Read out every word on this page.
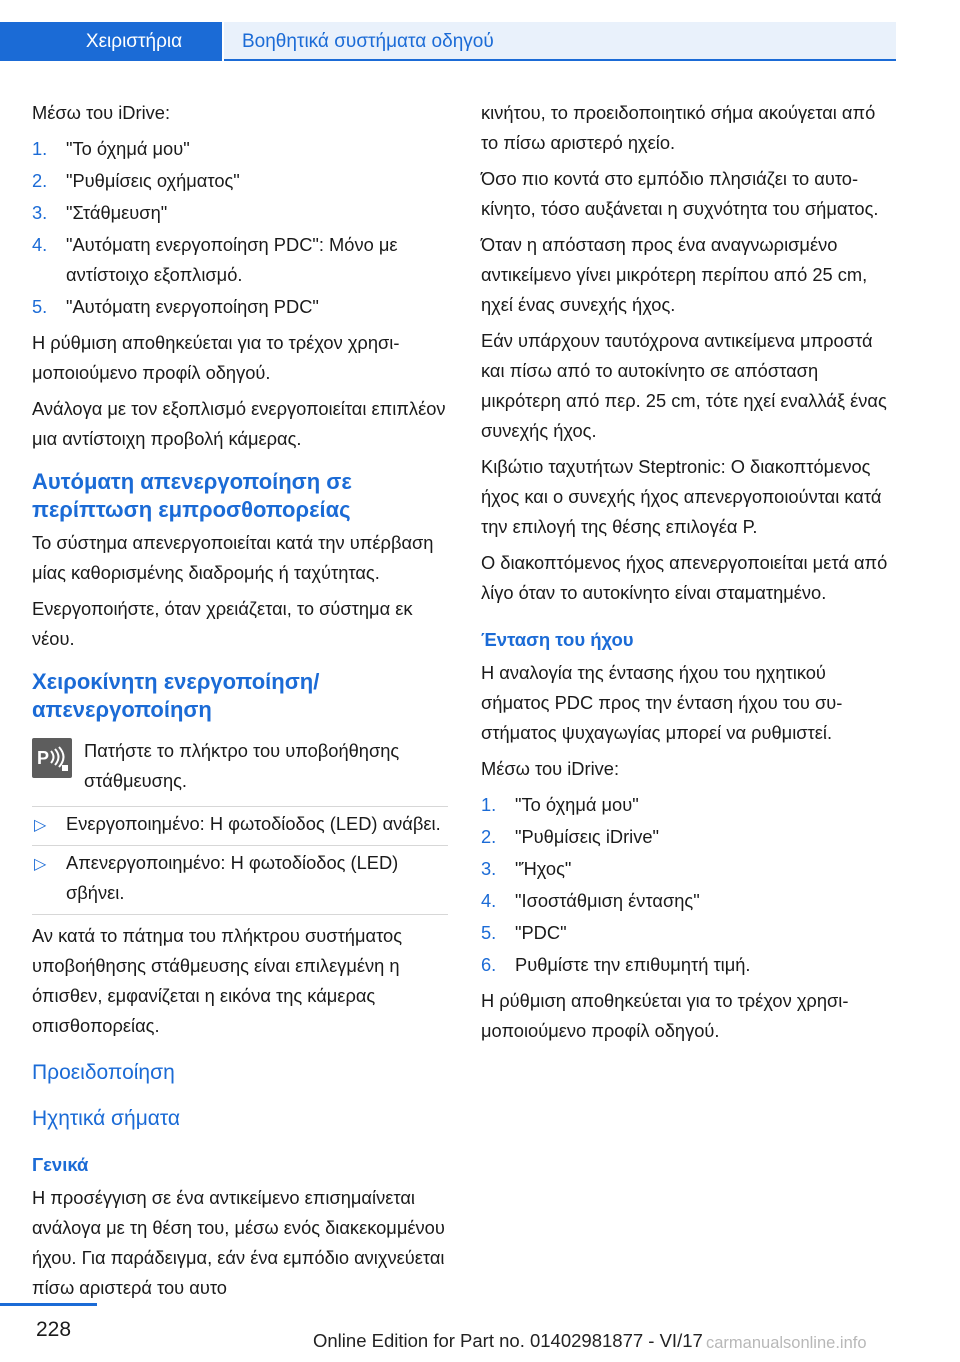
Χειριστήρια	Βοηθητικά συστήματα οδηγού

Μέσω του iDrive:

1. "Το όχημά μου"
2. "Ρυθμίσεις οχήματος"
3. "Στάθμευση"
4. "Αυτόματη ενεργοποίηση PDC": Μόνο με αντίστοιχο εξοπλισμό.
5. "Αυτόματη ενεργοποίηση PDC"

Η ρύθμιση αποθηκεύεται για το τρέχον χρησιμοποιούμενο προφίλ οδηγού.

Ανάλογα με τον εξοπλισμό ενεργοποιείται επιπλέον μια αντίστοιχη προβολή κάμερας.

Αυτόματη απενεργοποίηση σε περίπτωση εμπροσθοπορείας

Το σύστημα απενεργοποιείται κατά την υπέρβαση μίας καθορισμένης διαδρομής ή ταχύτητας.

Ενεργοποιήστε, όταν χρειάζεται, το σύστημα εκ νέου.

Χειροκίνητη ενεργοποίηση/ απενεργοποίηση
P Πατήστε το πλήκτρο του υποβοήθησης στάθμευσης.
▷ Ενεργοποιημένο: Η φωτοδίοδος (LED) ανάβει.
▷ Απενεργοποιημένο: Η φωτοδίοδος (LED) σβήνει.

Αν κατά το πάτημα του πλήκτρου συστήματος υποβοήθησης στάθμευσης είναι επιλεγμένη η όπισθεν, εμφανίζεται η εικόνα της κάμερας οπισθοπορείας.

Προειδοποίηση
Ηχητικά σήματα
Γενικά

Η προσέγγιση σε ένα αντικείμενο επισημαίνεται ανάλογα με τη θέση του, μέσω ενός διακεκομμένου ήχου. Για παράδειγμα, εάν ένα εμπόδιο ανιχνεύεται πίσω αριστερά του αυτο

κινήτου, το προειδοποιητικό σήμα ακούγεται από το πίσω αριστερό ηχείο.

Όσο πιο κοντά στο εμπόδιο πλησιάζει το αυτοκίνητο, τόσο αυξάνεται η συχνότητα του σήματος.

Όταν η απόσταση προς ένα αναγνωρισμένο αντικείμενο γίνει μικρότερη περίπου από 25 cm, ηχεί ένας συνεχής ήχος.

Εάν υπάρχουν ταυτόχρονα αντικείμενα μπροστά και πίσω από το αυτοκίνητο σε απόσταση μικρότερη από περ. 25 cm, τότε ηχεί εναλλάξ ένας συνεχής ήχος.

Κιβώτιο ταχυτήτων Steptronic: Ο διακοπτόμενος ήχος και ο συνεχής ήχος απενεργοποιούνται κατά την επιλογή της θέσης επιλογέα P.

Ο διακοπτόμενος ήχος απενεργοποιείται μετά από λίγο όταν το αυτοκίνητο είναι σταματημένο.

Ένταση του ήχου

Η αναλογία της έντασης ήχου του ηχητικού σήματος PDC προς την ένταση ήχου του συστήματος ψυχαγωγίας μπορεί να ρυθμιστεί.

Μέσω του iDrive:

1. "Το όχημά μου"
2. "Ρυθμίσεις iDrive"
3. "Ήχος"
4. "Ισοστάθμιση έντασης"
5. "PDC"
6. Ρυθμίστε την επιθυμητή τιμή.

Η ρύθμιση αποθηκεύεται για το τρέχον χρησιμοποιούμενο προφίλ οδηγού.

228	Online Edition for Part no. 01402981877 - VI/17 carmanualsonline.info
